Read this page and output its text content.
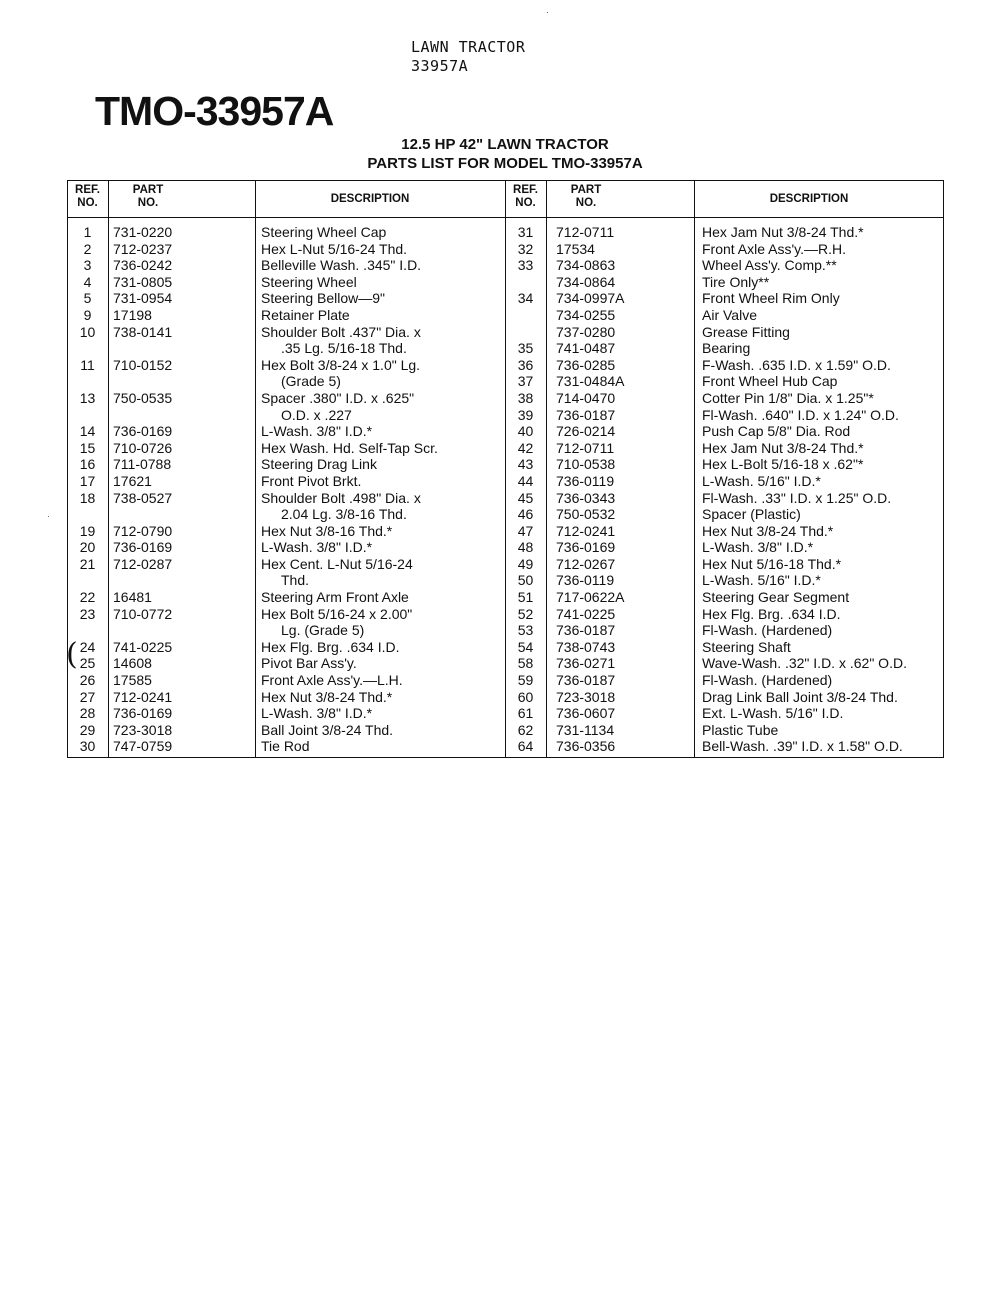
LAWN TRACTOR
33957A
TMO-33957A
12.5 HP 42" LAWN TRACTOR
PARTS LIST FOR MODEL TMO-33957A
·
·
REF.
NO.
PART
NO.	DESCRIPTION
REF.
NO.
PART
NO.	DESCRIPTION
1	731-0220	Steering Wheel Cap
2	712-0237	Hex L-Nut 5/16-24 Thd.
3	736-0242	Belleville Wash. .345" I.D.
4	731-0805	Steering Wheel
5	731-0954	Steering Bellow—9"
9	17198	Retainer Plate
10	738-0141	Shoulder Bolt .437" Dia. x
.35 Lg. 5/16-18 Thd.
11	710-0152	Hex Bolt 3/8-24 x 1.0" Lg.
(Grade 5)
13	750-0535	Spacer .380" I.D. x .625"
O.D. x .227
14	736-0169	L-Wash. 3/8" I.D.*
15	710-0726	Hex Wash. Hd. Self-Tap Scr.
16	711-0788	Steering Drag Link
17	17621	Front Pivot Brkt.
18	738-0527	Shoulder Bolt .498" Dia. x
2.04 Lg. 3/8-16 Thd.
19	712-0790	Hex Nut 3/8-16 Thd.*
20	736-0169	L-Wash. 3/8" I.D.*
21	712-0287	Hex Cent. L-Nut 5/16-24
Thd.
22	16481	Steering Arm Front Axle
23	710-0772	Hex Bolt 5/16-24 x 2.00"
Lg. (Grade 5)
24	741-0225	Hex Flg. Brg. .634 I.D.
25	14608	Pivot Bar Ass'y.
26	17585	Front Axle Ass'y.—L.H.
27	712-0241	Hex Nut 3/8-24 Thd.*
28	736-0169	L-Wash. 3/8" I.D.*
29	723-3018	Ball Joint 3/8-24 Thd.
30	747-0759	Tie Rod
31	712-0711	Hex Jam Nut 3/8-24 Thd.*
32	17534	Front Axle Ass'y.—R.H.
33	734-0863	Wheel Ass'y. Comp.**
734-0864	Tire Only**
34	734-0997A	Front Wheel Rim Only
734-0255	Air Valve
737-0280	Grease Fitting
35	741-0487	Bearing
36	736-0285	F-Wash. .635 I.D. x 1.59" O.D.
37	731-0484A	Front Wheel Hub Cap
38	714-0470	Cotter Pin 1/8" Dia. x 1.25"*
39	736-0187	Fl-Wash. .640" I.D. x 1.24" O.D.
40	726-0214	Push Cap 5/8" Dia. Rod
42	712-0711	Hex Jam Nut 3/8-24 Thd.*
43	710-0538	Hex L-Bolt 5/16-18 x .62"*
44	736-0119	L-Wash. 5/16" I.D.*
45	736-0343	Fl-Wash. .33" I.D. x 1.25" O.D.
46	750-0532	Spacer (Plastic)
47	712-0241	Hex Nut 3/8-24 Thd.*
48	736-0169	L-Wash. 3/8" I.D.*
49	712-0267	Hex Nut 5/16-18 Thd.*
50	736-0119	L-Wash. 5/16" I.D.*
51	717-0622A	Steering Gear Segment
52	741-0225	Hex Flg. Brg. .634 I.D.
53	736-0187	Fl-Wash. (Hardened)
54	738-0743	Steering Shaft
58	736-0271	Wave-Wash. .32" I.D. x .62" O.D.
59	736-0187	Fl-Wash. (Hardened)
60	723-3018	Drag Link Ball Joint 3/8-24 Thd.
61	736-0607	Ext. L-Wash. 5/16" I.D.
62	731-1134	Plastic Tube
64	736-0356	Bell-Wash. .39" I.D. x 1.58" O.D.
(
